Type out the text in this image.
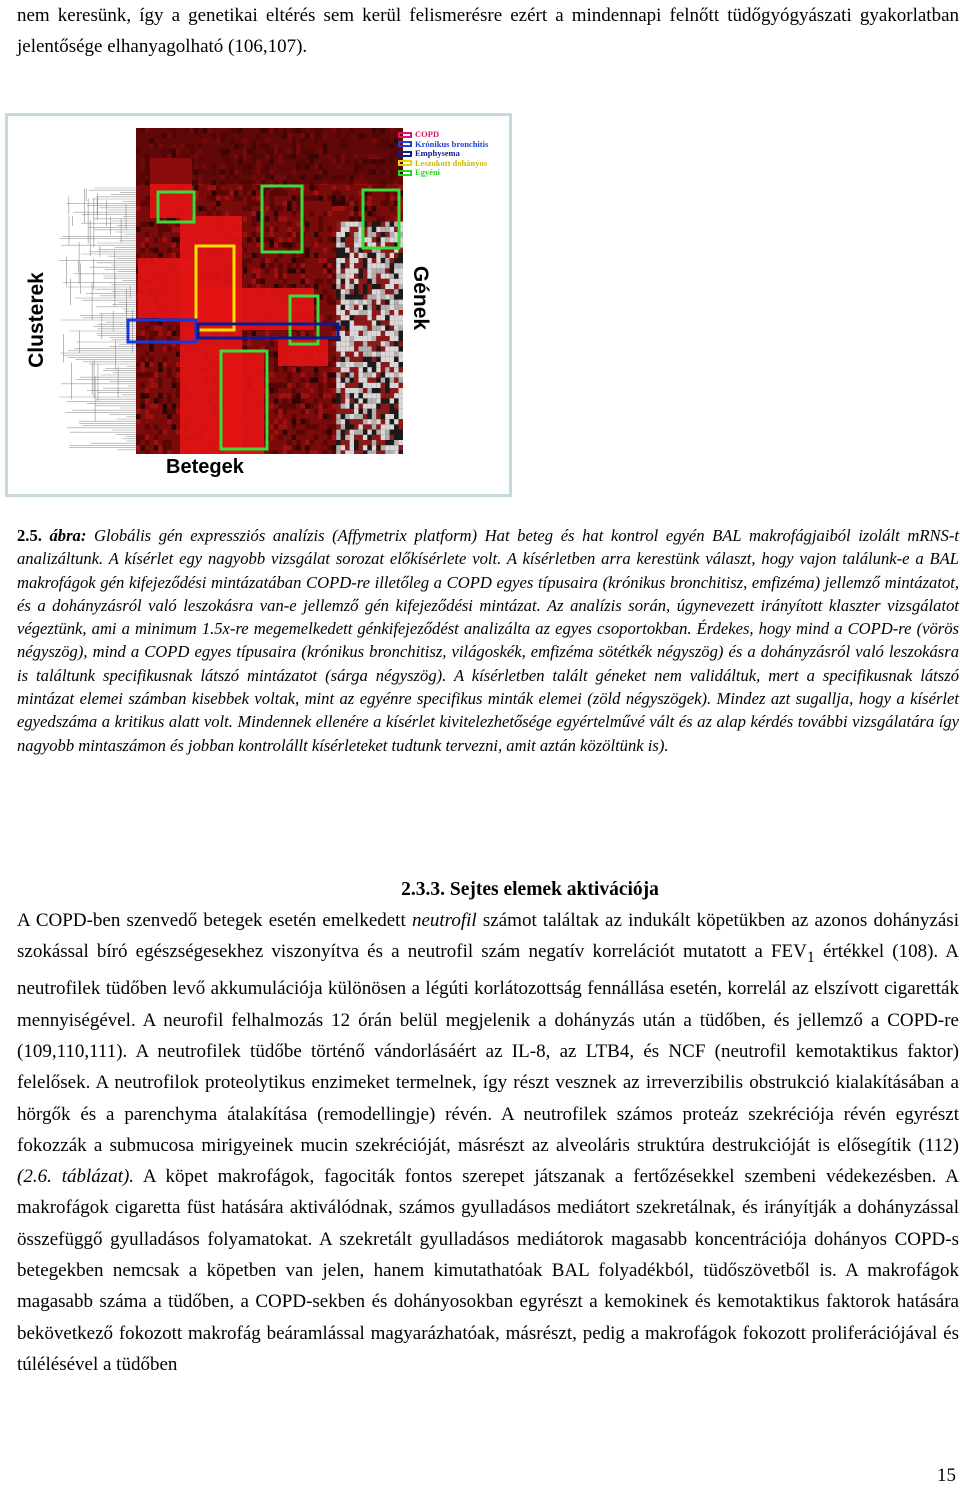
nem keresünk, így a genetikai eltérés sem kerül felismerésre ezért a mindennapi felnőtt tüdőgyógyászati gyakorlatban jelentősége elhanyagolható (106,107).

COPD
Krónikus bronchitis
Emphysema
Leszokott dohányos
Egyéni

Clusterek	Gének

Betegek

2.5. ábra: Globális gén expressziós analízis (Affymetrix platform) Hat beteg és hat kontrol egyén BAL makrofágjaiból izolált mRNS-t analizáltunk. A kísérlet egy nagyobb vizsgálat sorozat előkísérlete volt. A kísérletben arra kerestünk választ, hogy vajon találunk-e a BAL makrofágok gén kifejeződési mintázatában COPD-re illetőleg a COPD egyes típusaira (krónikus bronchitisz, emfizéma) jellemző mintázatot, és a dohányzásról való leszokásra van-e jellemző gén kifejeződési mintázat. Az analízis során, úgynevezett irányított klaszter vizsgálatot végeztünk, ami a minimum 1.5x-re megemelkedett génkifejeződést analizálta az egyes csoportokban. Érdekes, hogy mind a COPD-re (vörös négyszög), mind a COPD egyes típusaira (krónikus bronchitisz, világoskék, emfizéma sötétkék négyszög) és a dohányzásról való leszokásra is találtunk specifikusnak látszó mintázatot (sárga négyszög). A kísérletben talált géneket nem validáltuk, mert a specifikusnak látszó mintázat elemei számban kisebbek voltak, mint az egyénre specifikus minták elemei (zöld négyszögek). Mindez azt sugallja, hogy a kísérlet egyedszáma a kritikus alatt volt. Mindennek ellenére a kísérlet kivitelezhetősége egyértelművé vált és az alap kérdés további vizsgálatára így nagyobb mintaszámon és jobban kontrolállt kísérleteket tudtunk tervezni, amit aztán közöltünk is).

2.3.3. Sejtes elemek aktivációja

A COPD-ben szenvedő betegek esetén emelkedett neutrofil számot találtak az indukált köpetükben az azonos dohányzási szokással bíró egészségesekhez viszonyítva és a neutrofil szám negatív korrelációt mutatott a $FEV_1$ értékkel (108). A neutrofilek tüdőben levő akkumulációja különösen a légúti korlátozottság fennállása esetén, korrelál az elszívott cigaretták mennyiségével. A neurofil felhalmozás 12 órán belül megjelenik a dohányzás után a tüdőben, és jellemző a COPD-re (109,110,111). A neutrofilek tüdőbe történő vándorlásáért az IL-8, az LTB4, és NCF (neutrofil kemotaktikus faktor) felelősek. A neutrofilok proteolytikus enzimeket termelnek, így részt vesznek az irreverzibilis obstrukció kialakításában a hörgők és a parenchyma átalakítása (remodellingje) révén. A neutrofilek számos proteáz szekréciója révén egyrészt fokozzák a submucosa mirigyeinek mucin szekrécióját, másrészt az alveoláris struktúra destrukcióját is elősegítik (112)(2.6. táblázat). A köpet makrofágok, fagociták fontos szerepet játszanak a fertőzésekkel szembeni védekezésben. A makrofágok cigaretta füst hatására aktiválódnak, számos gyulladásos mediátort szekretálnak, és irányítják a dohányzással összefüggő gyulladásos folyamatokat. A szekretált gyulladásos mediátorok magasabb koncentrációja dohányos COPD-s betegekben nemcsak a köpetben van jelen, hanem kimutathatóak BAL folyadékból, tüdőszövetből is. A makrofágok magasabb száma a tüdőben, a COPD-sekben és dohányosokban egyrészt a kemokinek és kemotaktikus faktorok hatására bekövetkező fokozott makrofág beáramlással magyarázhatóak, másrészt, pedig a makrofágok fokozott proliferációjával és túlélésével a tüdőben

15
